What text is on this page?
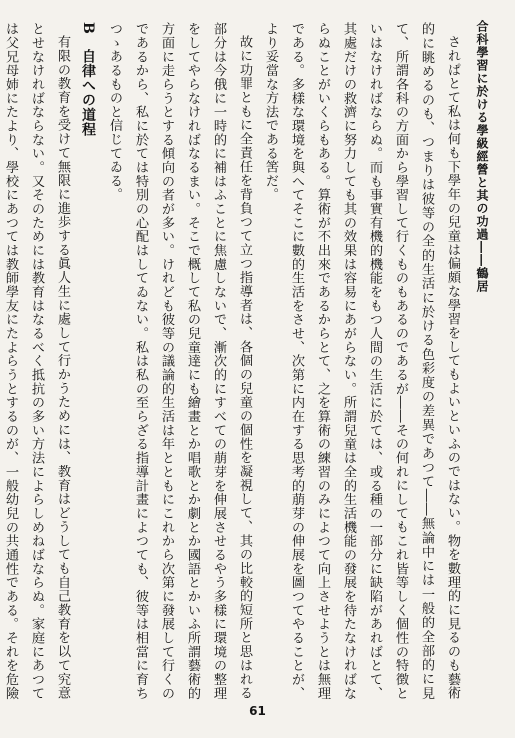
合科學習に於ける學級經營と其の功過――鶴居

されぱとて私は何も下學年の兒童は偏頗な學習をしてもよいといふのではない。物を數理的に見るのも藝術的に眺めるのも、つまりは彼等の全的生活に於ける色彩度の差異であつて――無論中には一般的全部的に見て、所謂各科の方面から學習して行くものもあるのであるが――その何れにしてもこれ皆等しく個性の特徴といはなければならぬ。而も事實有機的機能をもつ人間の生活に於ては、或る種の一部分に缺陷があればとて、其處だけの救濟に努力しても其の效果は容易にあがらない。所謂兒童は全的生活機能の發展を待たなければならぬことがいくらもある。算術が不出來であるからとて、之を算術の練習のみによつて向上させようとは無理である。多樣な環境を與へてそこに數的生活をさせ、次第に内在する思考的萠芽の伸展を圖つてやることが、より妥當な方法である筈だ。

故に功罪ともに全責任を背負つて立つ指導者は、各個の兒童の個性を凝視して、其の比較的短所と思はれる部分は今俄に一時的に補はふことに焦慮しないで、漸次的にすべての萠芽を伸展させるやう多樣に環境の整理をしてやらなければなるまい。そこで概して私の兒童達にも繪畫とか唱歌とか劇とか國語とかいふ所謂藝術的方面に走らうとする傾向の者が多い。けれども彼等の議論的生活は年とともにこれから次第に發展して行くのであるから、私に於ては特別の心配はしてゐない。私は私の至らざる指導計畫によつても、彼等は相當に育ちつゝあるものと信じてゐる。

B　自律への道程

有限の教育を受けて無限に進歩する眞人生に處して行かうためには、教育はどうしても自己教育を以て究意とせなければならない。又そのためには教育はなるべく抵抗の多い方法によらしめねばならぬ。家庭にあつては父兄母姉にたより、學校にあつては教師學友にたよらうとするのが、一般幼兒の共通性である。それを危險

61
